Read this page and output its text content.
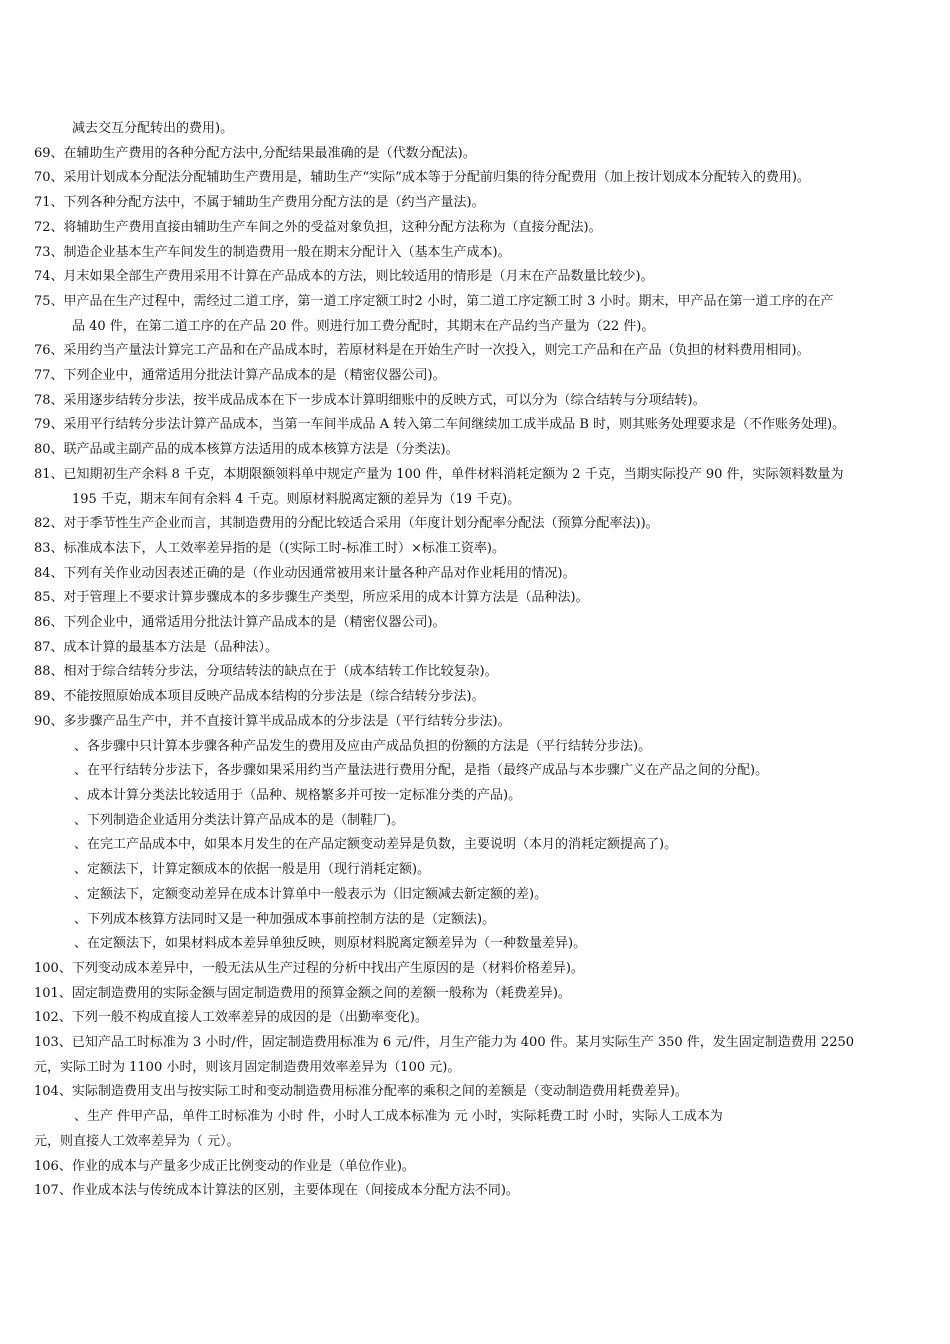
减去交互分配转出的费用)。
69、在辅助生产费用的各种分配方法中,分配结果最准确的是（代数分配法)。
70、采用计划成本分配法分配辅助生产费用是，辅助生产“实际”成本等于分配前归集的待分配费用（加上按计划成本分配转入的费用)。
71、下列各种分配方法中，不属于辅助生产费用分配方法的是（约当产量法)。
72、将辅助生产费用直接由辅助生产车间之外的受益对象负担，这种分配方法称为（直接分配法)。
73、制造企业基本生产车间发生的制造费用一般在期末分配计入（基本生产成本)。
74、月末如果全部生产费用采用不计算在产品成本的方法，则比较适用的情形是（月末在产品数量比较少)。
75、甲产品在生产过程中，需经过二道工序，第一道工序定额工时2 小时，第二道工序定额工时 3 小时。期末，甲产品在第一道工序的在产
品 40 件，在第二道工序的在产品 20 件。则进行加工费分配时，其期末在产品约当产量为（22 件)。
76、采用约当产量法计算完工产品和在产品成本时，若原材料是在开始生产时一次投入，则完工产品和在产品（负担的材料费用相同)。
77、下列企业中，通常适用分批法计算产品成本的是（精密仪器公司)。
78、采用逐步结转分步法，按半成品成本在下一步成本计算明细账中的反映方式，可以分为（综合结转与分项结转)。
79、采用平行结转分步法计算产品成本，当第一车间半成品 A 转入第二车间继续加工成半成品 B 时，则其账务处理要求是（不作账务处理)。
80、联产品或主副产品的成本核算方法适用的成本核算方法是（分类法)。
81、已知期初生产余料 8 千克，本期限额领料单中规定产量为 100 件，单件材料消耗定额为 2 千克，当期实际投产 90 件，实际领料数量为
195 千克，期末车间有余料 4 千克。则原材料脱离定额的差异为（19 千克)。
82、对于季节性生产企业而言，其制造费用的分配比较适合采用（年度计划分配率分配法（预算分配率法))。
83、标准成本法下，人工效率差异指的是（(实际工时-标准工时）×标准工资率)。
84、下列有关作业动因表述正确的是（作业动因通常被用来计量各种产品对作业耗用的情况)。
85、对于管理上不要求计算步骤成本的多步骤生产类型，所应采用的成本计算方法是（品种法)。
86、下列企业中，通常适用分批法计算产品成本的是（精密仪器公司)。
87、成本计算的最基本方法是（品种法）。
88、相对于综合结转分步法，分项结转法的缺点在于（成本结转工作比较复杂)。
89、不能按照原始成本项目反映产品成本结构的分步法是（综合结转分步法)。
90、多步骤产品生产中，并不直接计算半成品成本的分步法是（平行结转分步法)。
、各步骤中只计算本步骤各种产品发生的费用及应由产成品负担的份额的方法是（平行结转分步法)。
、在平行结转分步法下，各步骤如果采用约当产量法进行费用分配，是指（最终产成品与本步骤广义在产品之间的分配)。
、成本计算分类法比较适用于（品种、规格繁多并可按一定标准分类的产品)。
、下列制造企业适用分类法计算产品成本的是（制鞋厂)。
、在完工产品成本中，如果本月发生的在产品定额变动差异是负数，主要说明（本月的消耗定额提高了)。
、定额法下，计算定额成本的依据一般是用（现行消耗定额)。
、定额法下，定额变动差异在成本计算单中一般表示为（旧定额减去新定额的差)。
、下列成本核算方法同时又是一种加强成本事前控制方法的是（定额法)。
、在定额法下，如果材料成本差异单独反映，则原材料脱离定额差异为（一种数量差异)。
100、下列变动成本差异中，一般无法从生产过程的分析中找出产生原因的是（材料价格差异)。
101、固定制造费用的实际金额与固定制造费用的预算金额之间的差额一般称为（耗费差异)。
102、下列一般不构成直接人工效率差异的成因的是（出勤率变化)。
103、已知产品工时标准为 3 小时/件，固定制造费用标准为 6 元/件，月生产能力为 400 件。某月实际生产 350 件，发生固定制造费用 2250
元，实际工时为 1100 小时，则该月固定制造费用效率差异为（100 元)。
104、实际制造费用支出与按实际工时和变动制造费用标准分配率的乘积之间的差额是（变动制造费用耗费差异)。
、生产 件甲产品，单件工时标准为 小时 件，小时人工成本标准为 元 小时，实际耗费工时 小时，实际人工成本为
元，则直接人工效率差异为（ 元）。
106、作业的成本与产量多少成正比例变动的作业是（单位作业)。
107、作业成本法与传统成本计算法的区别，主要体现在（间接成本分配方法不同)。
